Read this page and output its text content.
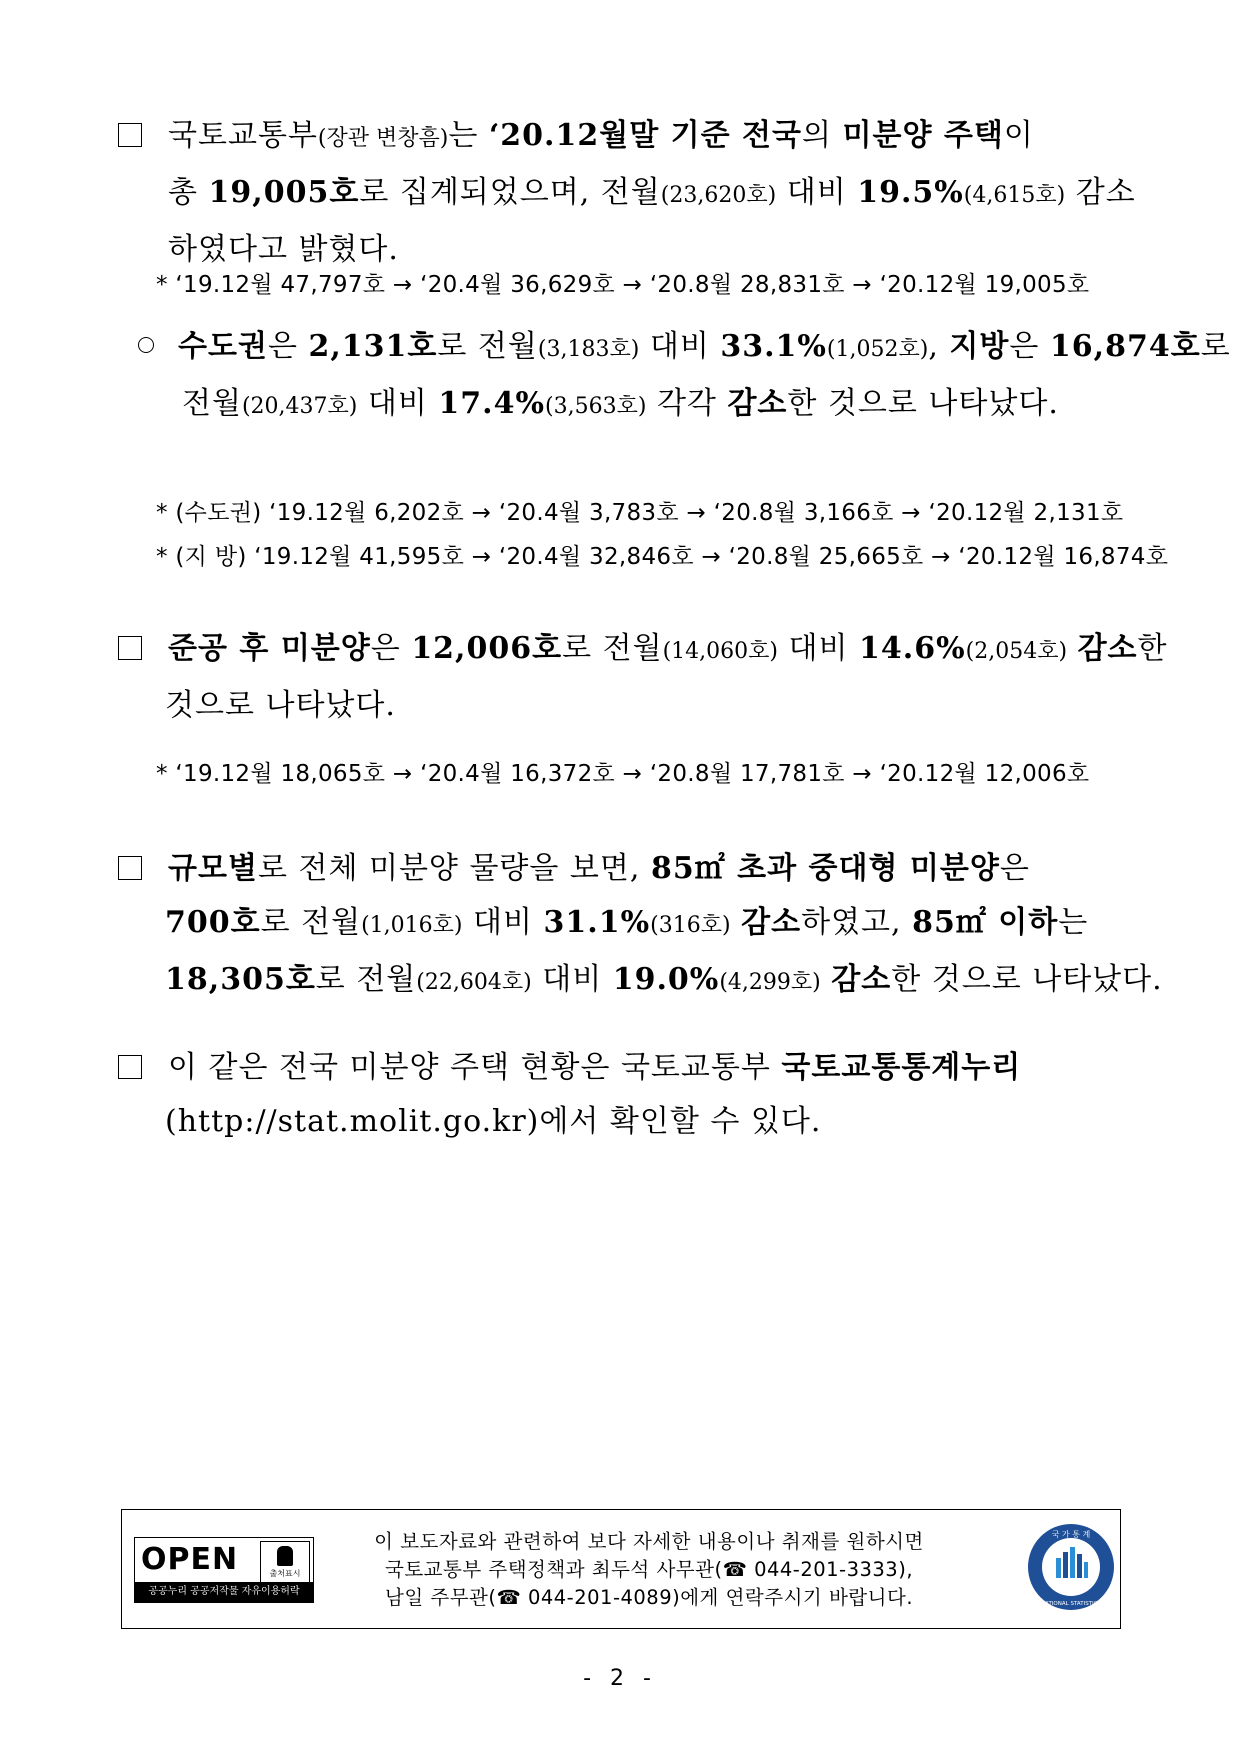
국토교통부(장관 변창흠)는 ‘20.12월말 기준 전국의 미분양 주택이
총 19,005호로 집계되었으며, 전월(23,620호) 대비 19.5%(4,615호) 감소
하였다고 밝혔다.
* ‘19.12월 47,797호 → ‘20.4월 36,629호 → ‘20.8월 28,831호 → ‘20.12월 19,005호
수도권은 2,131호로 전월(3,183호) 대비 33.1%(1,052호), 지방은 16,874호로
전월(20,437호) 대비 17.4%(3,563호) 각각 감소한 것으로 나타났다.
* (수도권) ‘19.12월 6,202호 → ‘20.4월 3,783호 → ‘20.8월 3,166호 → ‘20.12월 2,131호
* (지 방) ‘19.12월 41,595호 → ‘20.4월 32,846호 → ‘20.8월 25,665호 → ‘20.12월 16,874호
준공 후 미분양은 12,006호로 전월(14,060호) 대비 14.6%(2,054호) 감소한
것으로 나타났다.
* ‘19.12월 18,065호 → ‘20.4월 16,372호 → ‘20.8월 17,781호 → ‘20.12월 12,006호
규모별로 전체 미분양 물량을 보면, 85㎡ 초과 중대형 미분양은
700호로 전월(1,016호) 대비 31.1%(316호) 감소하였고, 85㎡ 이하는
18,305호로 전월(22,604호) 대비 19.0%(4,299호) 감소한 것으로 나타났다.
이 같은 전국 미분양 주택 현황은 국토교통부 국토교통통계누리
(http://stat.molit.go.kr)에서 확인할 수 있다.
OPEN	출처표시
공공누리 공공저작물 자유이용허락
이 보도자료와 관련하여 보다 자세한 내용이나 취재를 원하시면
국토교통부 주택정책과 최두석 사무관(☎ 044-201-3333),
남일 주무관(☎ 044-201-4089)에게 연락주시기 바랍니다.
국 가 통 계
NATIONAL STATISTICS
- 2 -
